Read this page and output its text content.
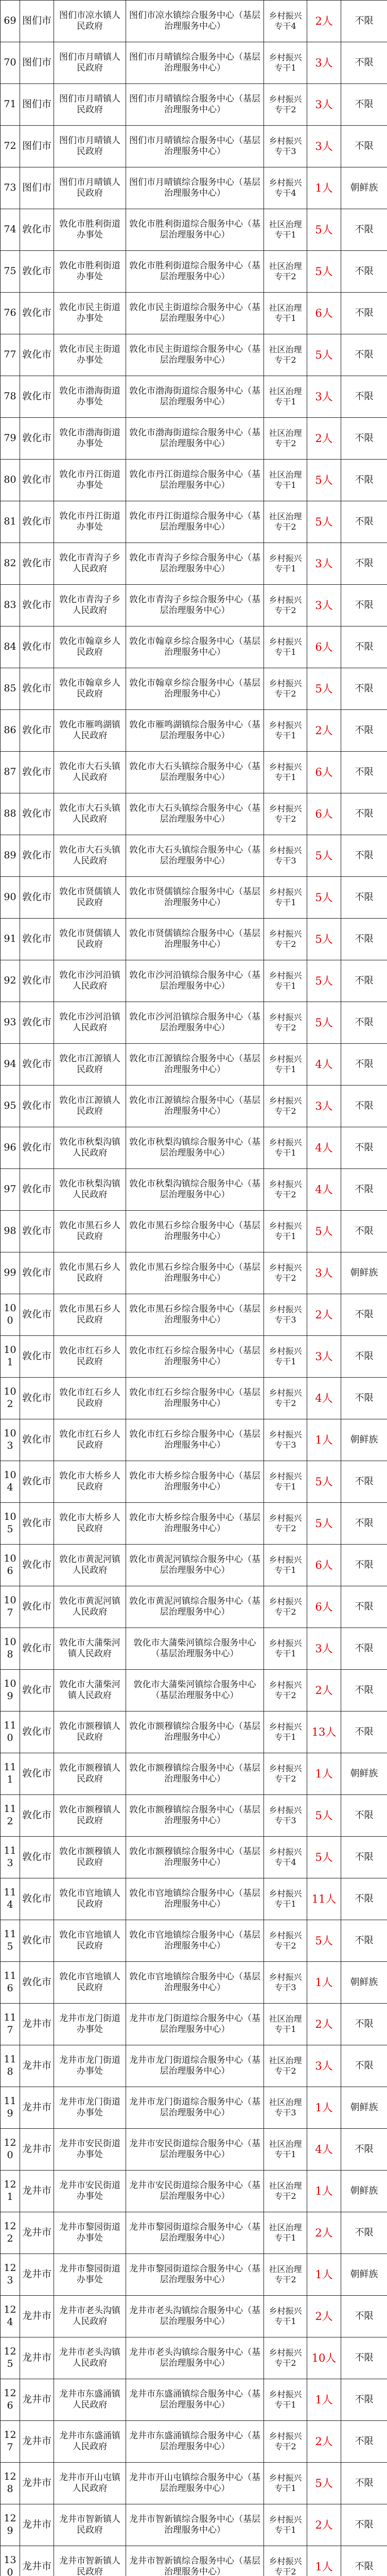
69	图们市	图们市凉水镇人民政府	图们市凉水镇综合服务中心（基层治理服务中心）	乡村振兴专干4	2人	不限
70	图们市	图们市月晴镇人民政府	图们市月晴镇综合服务中心（基层治理服务中心）	乡村振兴专干1	3人	不限
71	图们市	图们市月晴镇人民政府	图们市月晴镇综合服务中心（基层治理服务中心）	乡村振兴专干2	3人	不限
72	图们市	图们市月晴镇人民政府	图们市月晴镇综合服务中心（基层治理服务中心）	乡村振兴专干3	3人	不限
73	图们市	图们市月晴镇人民政府	图们市月晴镇综合服务中心（基层治理服务中心）	乡村振兴专干4	1人	朝鲜族
74	敦化市	敦化市胜利街道办事处	敦化市胜利街道综合服务中心（基层治理服务中心）	社区治理专干1	5人	不限
75	敦化市	敦化市胜利街道办事处	敦化市胜利街道综合服务中心（基层治理服务中心）	社区治理专干2	5人	不限
76	敦化市	敦化市民主街道办事处	敦化市民主街道综合服务中心（基层治理服务中心）	社区治理专干1	6人	不限
77	敦化市	敦化市民主街道办事处	敦化市民主街道综合服务中心（基层治理服务中心）	社区治理专干2	5人	不限
78	敦化市	敦化市渤海街道办事处	敦化市渤海街道综合服务中心（基层治理服务中心）	社区治理专干1	3人	不限
79	敦化市	敦化市渤海街道办事处	敦化市渤海街道综合服务中心（基层治理服务中心）	社区治理专干2	2人	不限
80	敦化市	敦化市丹江街道办事处	敦化市丹江街道综合服务中心（基层治理服务中心）	社区治理专干1	5人	不限
81	敦化市	敦化市丹江街道办事处	敦化市丹江街道综合服务中心（基层治理服务中心）	社区治理专干2	5人	不限
82	敦化市	敦化市青沟子乡人民政府	敦化市青沟子乡综合服务中心（基层治理服务中心）	乡村振兴专干1	3人	不限
83	敦化市	敦化市青沟子乡人民政府	敦化市青沟子乡综合服务中心（基层治理服务中心）	乡村振兴专干2	3人	不限
84	敦化市	敦化市翰章乡人民政府	敦化市翰章乡综合服务中心（基层治理服务中心）	乡村振兴专干1	6人	不限
85	敦化市	敦化市翰章乡人民政府	敦化市翰章乡综合服务中心（基层治理服务中心）	乡村振兴专干2	5人	不限
86	敦化市	敦化市雁鸣湖镇人民政府	敦化市雁鸣湖镇综合服务中心（基层治理服务中心）	乡村振兴专干1	2人	不限
87	敦化市	敦化市大石头镇人民政府	敦化市大石头镇综合服务中心（基层治理服务中心）	乡村振兴专干1	6人	不限
88	敦化市	敦化市大石头镇人民政府	敦化市大石头镇综合服务中心（基层治理服务中心）	乡村振兴专干2	6人	不限
89	敦化市	敦化市大石头镇人民政府	敦化市大石头镇综合服务中心（基层治理服务中心）	乡村振兴专干3	5人	不限
90	敦化市	敦化市贤儒镇人民政府	敦化市贤儒镇综合服务中心（基层治理服务中心）	乡村振兴专干1	5人	不限
91	敦化市	敦化市贤儒镇人民政府	敦化市贤儒镇综合服务中心（基层治理服务中心）	乡村振兴专干2	5人	不限
92	敦化市	敦化市沙河沿镇人民政府	敦化市沙河沿镇综合服务中心（基层治理服务中心）	乡村振兴专干1	5人	不限
93	敦化市	敦化市沙河沿镇人民政府	敦化市沙河沿镇综合服务中心（基层治理服务中心）	乡村振兴专干2	5人	不限
94	敦化市	敦化市江源镇人民政府	敦化市江源镇综合服务中心（基层治理服务中心）	乡村振兴专干1	4人	不限
95	敦化市	敦化市江源镇人民政府	敦化市江源镇综合服务中心（基层治理服务中心）	乡村振兴专干2	3人	不限
96	敦化市	敦化市秋梨沟镇人民政府	敦化市秋梨沟镇综合服务中心（基层治理服务中心）	乡村振兴专干1	4人	不限
97	敦化市	敦化市秋梨沟镇人民政府	敦化市秋梨沟镇综合服务中心（基层治理服务中心）	乡村振兴专干2	4人	不限
98	敦化市	敦化市黑石乡人民政府	敦化市黑石乡综合服务中心（基层治理服务中心）	乡村振兴专干1	5人	不限
99	敦化市	敦化市黑石乡人民政府	敦化市黑石乡综合服务中心（基层治理服务中心）	乡村振兴专干2	3人	朝鲜族
100	敦化市	敦化市黑石乡人民政府	敦化市黑石乡综合服务中心（基层治理服务中心）	乡村振兴专干3	2人	不限
101	敦化市	敦化市红石乡人民政府	敦化市红石乡综合服务中心（基层治理服务中心）	乡村振兴专干1	3人	不限
102	敦化市	敦化市红石乡人民政府	敦化市红石乡综合服务中心（基层治理服务中心）	乡村振兴专干2	4人	不限
103	敦化市	敦化市红石乡人民政府	敦化市红石乡综合服务中心（基层治理服务中心）	乡村振兴专干3	1人	朝鲜族
104	敦化市	敦化市大桥乡人民政府	敦化市大桥乡综合服务中心（基层治理服务中心）	乡村振兴专干1	5人	不限
105	敦化市	敦化市大桥乡人民政府	敦化市大桥乡综合服务中心（基层治理服务中心）	乡村振兴专干2	5人	不限
106	敦化市	敦化市黄泥河镇人民政府	敦化市黄泥河镇综合服务中心（基层治理服务中心）	乡村振兴专干1	6人	不限
107	敦化市	敦化市黄泥河镇人民政府	敦化市黄泥河镇综合服务中心（基层治理服务中心）	乡村振兴专干2	6人	不限
108	敦化市	敦化市大蒲柴河镇人民政府	敦化市大蒲柴河镇综合服务中心（基层治理服务中心）	乡村振兴专干1	3人	不限
109	敦化市	敦化市大蒲柴河镇人民政府	敦化市大蒲柴河镇综合服务中心（基层治理服务中心）	乡村振兴专干2	2人	不限
110	敦化市	敦化市额穆镇人民政府	敦化市额穆镇综合服务中心（基层治理服务中心）	乡村振兴专干1	13人	不限
111	敦化市	敦化市额穆镇人民政府	敦化市额穆镇综合服务中心（基层治理服务中心）	乡村振兴专干2	1人	朝鲜族
112	敦化市	敦化市额穆镇人民政府	敦化市额穆镇综合服务中心（基层治理服务中心）	乡村振兴专干3	5人	不限
113	敦化市	敦化市额穆镇人民政府	敦化市额穆镇综合服务中心（基层治理服务中心）	乡村振兴专干4	5人	不限
114	敦化市	敦化市官地镇人民政府	敦化市官地镇综合服务中心（基层治理服务中心）	乡村振兴专干1	11人	不限
115	敦化市	敦化市官地镇人民政府	敦化市官地镇综合服务中心（基层治理服务中心）	乡村振兴专干2	5人	不限
116	敦化市	敦化市官地镇人民政府	敦化市官地镇综合服务中心（基层治理服务中心）	乡村振兴专干3	1人	朝鲜族
117	龙井市	龙井市龙门街道办事处	龙井市龙门街道综合服务中心（基层治理服务中心）	社区治理专干1	2人	不限
118	龙井市	龙井市龙门街道办事处	龙井市龙门街道综合服务中心（基层治理服务中心）	社区治理专干2	3人	不限
119	龙井市	龙井市龙门街道办事处	龙井市龙门街道综合服务中心（基层治理服务中心）	社区治理专干3	1人	朝鲜族
120	龙井市	龙井市安民街道办事处	龙井市安民街道综合服务中心（基层治理服务中心）	社区治理专干1	4人	不限
121	龙井市	龙井市安民街道办事处	龙井市安民街道综合服务中心（基层治理服务中心）	社区治理专干2	1人	朝鲜族
122	龙井市	龙井市黎园街道办事处	龙井市黎园街道综合服务中心（基层治理服务中心）	社区治理专干1	2人	不限
123	龙井市	龙井市黎园街道办事处	龙井市黎园街道综合服务中心（基层治理服务中心）	社区治理专干2	1人	朝鲜族
124	龙井市	龙井市老头沟镇人民政府	龙井市老头沟镇综合服务中心（基层治理服务中心）	乡村振兴专干1	2人	不限
125	龙井市	龙井市老头沟镇人民政府	龙井市老头沟镇综合服务中心（基层治理服务中心）	乡村振兴专干2	10人	不限
126	龙井市	龙井市东盛涌镇人民政府	龙井市东盛涌镇综合服务中心（基层治理服务中心）	乡村振兴专干1	1人	不限
127	龙井市	龙井市东盛涌镇人民政府	龙井市东盛涌镇综合服务中心（基层治理服务中心）	乡村振兴专干2	2人	不限
128	龙井市	龙井市开山屯镇人民政府	龙井市开山屯镇综合服务中心（基层治理服务中心）	乡村振兴专干1	5人	不限
129	龙井市	龙井市智新镇人民政府	龙井市智新镇综合服务中心（基层治理服务中心）	乡村振兴专干1	2人	不限
130	龙井市	龙井市智新镇人民政府	龙井市智新镇综合服务中心（基层治理服务中心）	乡村振兴专干2	1人	不限
